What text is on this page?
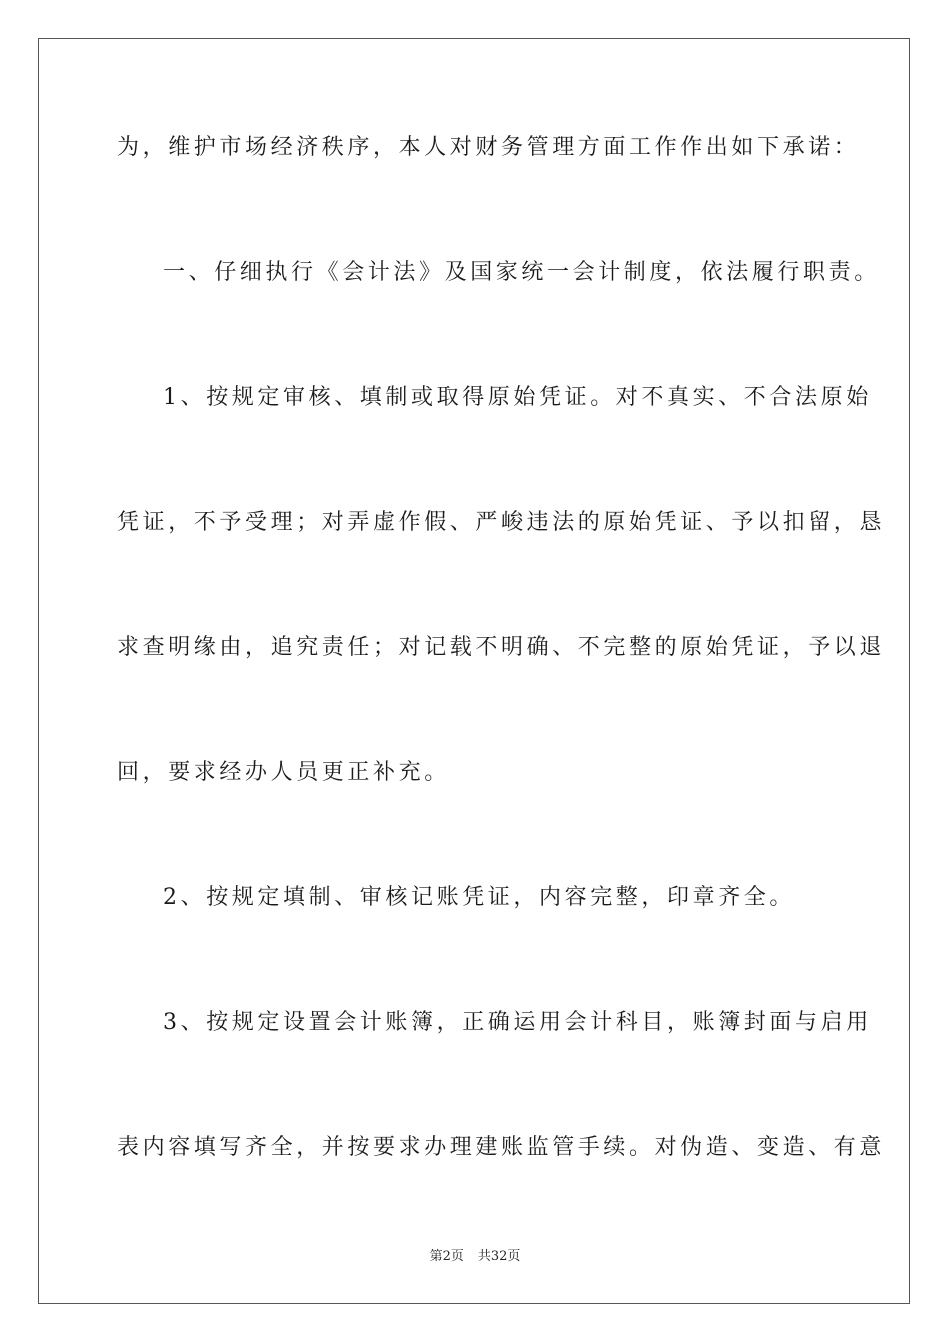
为，维护市场经济秩序，本人对财务管理方面工作作出如下承诺：
一、仔细执行《会计法》及国家统一会计制度，依法履行职责。
1、按规定审核、填制或取得原始凭证。对不真实、不合法原始
凭证，不予受理；对弄虚作假、严峻违法的原始凭证、予以扣留，恳
求查明缘由，追究责任；对记载不明确、不完整的原始凭证，予以退
回，要求经办人员更正补充。
2、按规定填制、审核记账凭证，内容完整，印章齐全。
3、按规定设置会计账簿，正确运用会计科目，账簿封面与启用
表内容填写齐全，并按要求办理建账监管手续。对伪造、变造、有意
第2页 共32页
